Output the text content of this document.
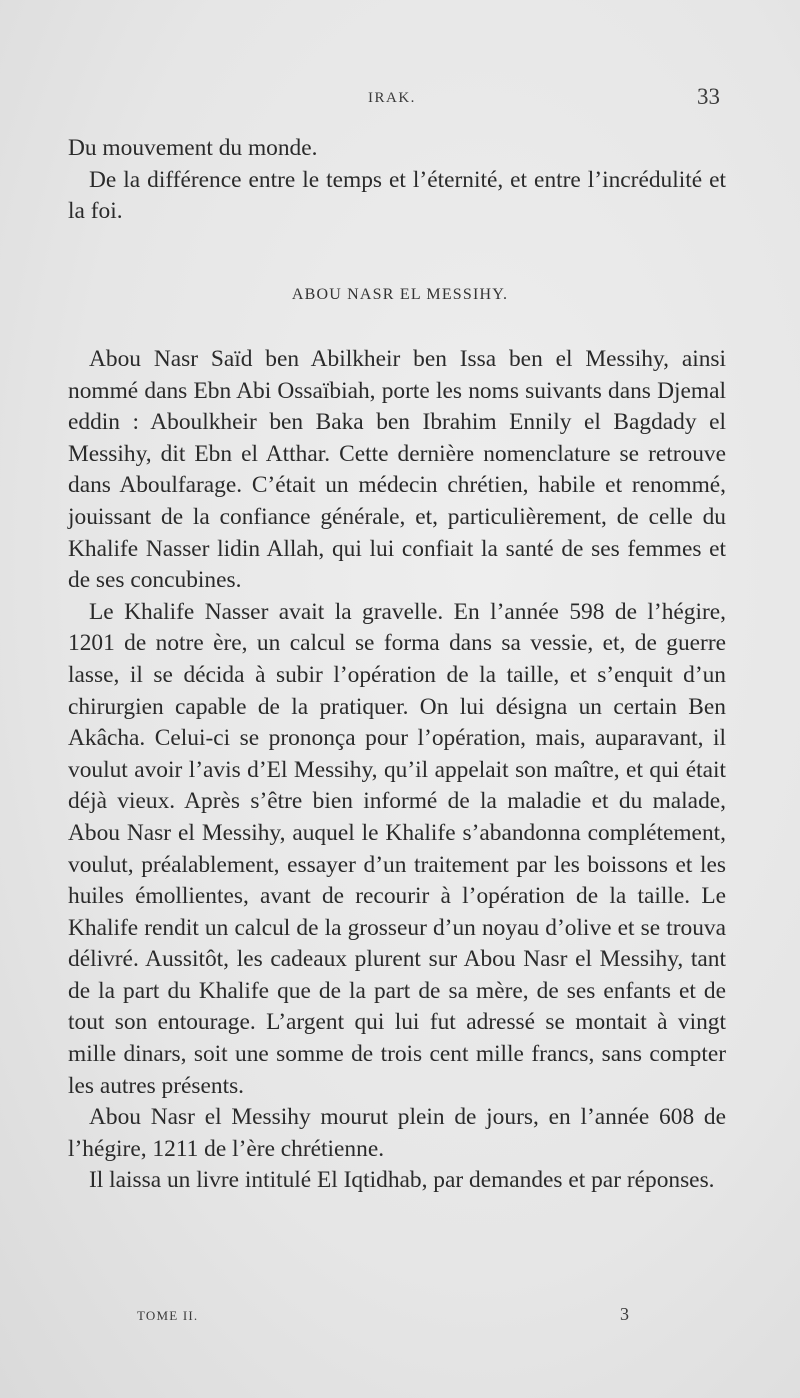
IRAK.	33

Du mouvement du monde.

De la différence entre le temps et l’éternité, et entre l’incrédulité et la foi.

ABOU NASR EL MESSIHY.

Abou Nasr Saïd ben Abilkheir ben Issa ben el Messihy, ainsi nommé dans Ebn Abi Ossaïbiah, porte les noms suivants dans Djemal eddin : Aboulkheir ben Baka ben Ibrahim Ennily el Bagdady el Messihy, dit Ebn el Atthar. Cette dernière nomenclature se retrouve dans Aboulfarage. C’était un médecin chrétien, habile et renommé, jouissant de la confiance générale, et, particulièrement, de celle du Khalife Nasser lidin Allah, qui lui confiait la santé de ses femmes et de ses concubines.

Le Khalife Nasser avait la gravelle. En l’année 598 de l’hégire, 1201 de notre ère, un calcul se forma dans sa vessie, et, de guerre lasse, il se décida à subir l’opération de la taille, et s’enquit d’un chirurgien capable de la pratiquer. On lui désigna un certain Ben Akâcha. Celui-ci se prononça pour l’opération, mais, auparavant, il voulut avoir l’avis d’El Messihy, qu’il appelait son maître, et qui était déjà vieux. Après s’être bien informé de la maladie et du malade, Abou Nasr el Messihy, auquel le Khalife s’abandonna complétement, voulut, préalablement, essayer d’un traitement par les boissons et les huiles émollientes, avant de recourir à l’opération de la taille. Le Khalife rendit un calcul de la grosseur d’un noyau d’olive et se trouva délivré. Aussitôt, les cadeaux plurent sur Abou Nasr el Messihy, tant de la part du Khalife que de la part de sa mère, de ses enfants et de tout son entourage. L’argent qui lui fut adressé se montait à vingt mille dinars, soit une somme de trois cent mille francs, sans compter les autres présents.

Abou Nasr el Messihy mourut plein de jours, en l’année 608 de l’hégire, 1211 de l’ère chrétienne.

Il laissa un livre intitulé El Iqtidhab, par demandes et par réponses.

TOME II.	3
